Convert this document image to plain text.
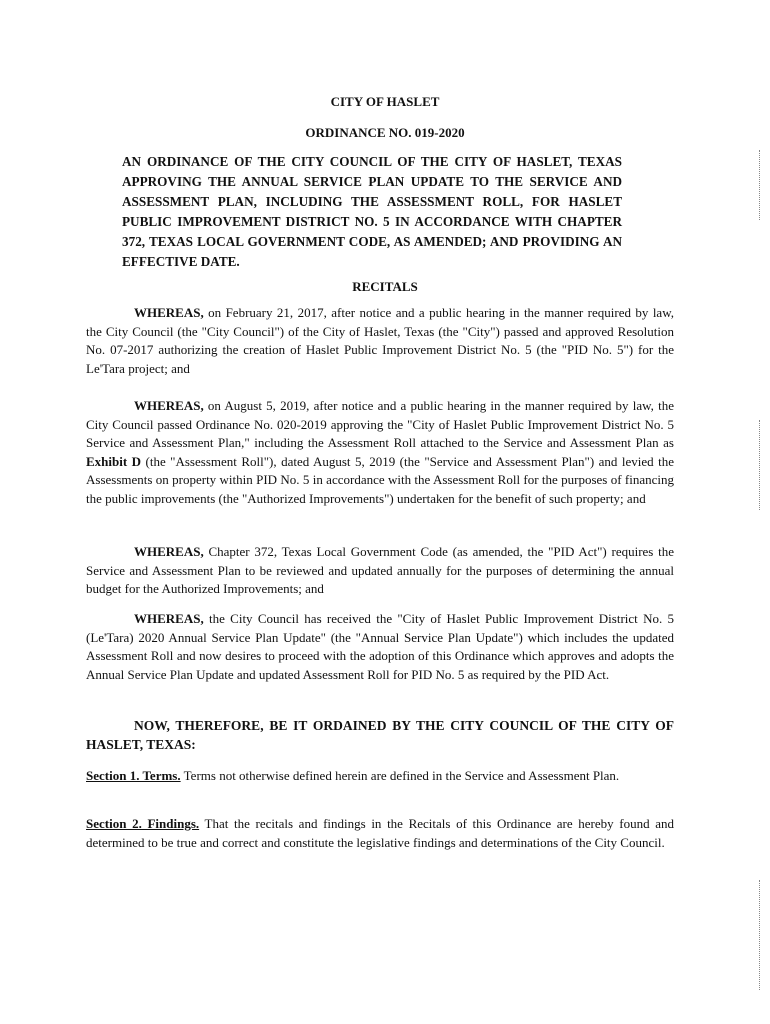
CITY OF HASLET
ORDINANCE NO. 019-2020
AN ORDINANCE OF THE CITY COUNCIL OF THE CITY OF HASLET, TEXAS APPROVING THE ANNUAL SERVICE PLAN UPDATE TO THE SERVICE AND ASSESSMENT PLAN, INCLUDING THE ASSESSMENT ROLL, FOR HASLET PUBLIC IMPROVEMENT DISTRICT NO. 5 IN ACCORDANCE WITH CHAPTER 372, TEXAS LOCAL GOVERNMENT CODE, AS AMENDED; AND PROVIDING AN EFFECTIVE DATE.
RECITALS
WHEREAS, on February 21, 2017, after notice and a public hearing in the manner required by law, the City Council (the "City Council") of the City of Haslet, Texas (the "City") passed and approved Resolution No. 07-2017 authorizing the creation of Haslet Public Improvement District No. 5 (the "PID No. 5") for the Le'Tara project; and
WHEREAS, on August 5, 2019, after notice and a public hearing in the manner required by law, the City Council passed Ordinance No. 020-2019 approving the "City of Haslet Public Improvement District No. 5 Service and Assessment Plan," including the Assessment Roll attached to the Service and Assessment Plan as Exhibit D (the "Assessment Roll"), dated August 5, 2019 (the "Service and Assessment Plan") and levied the Assessments on property within PID No. 5 in accordance with the Assessment Roll for the purposes of financing the public improvements (the "Authorized Improvements") undertaken for the benefit of such property; and
WHEREAS, Chapter 372, Texas Local Government Code (as amended, the "PID Act") requires the Service and Assessment Plan to be reviewed and updated annually for the purposes of determining the annual budget for the Authorized Improvements; and
WHEREAS, the City Council has received the "City of Haslet Public Improvement District No. 5 (Le'Tara) 2020 Annual Service Plan Update" (the "Annual Service Plan Update") which includes the updated Assessment Roll and now desires to proceed with the adoption of this Ordinance which approves and adopts the Annual Service Plan Update and updated Assessment Roll for PID No. 5 as required by the PID Act.
NOW, THEREFORE, BE IT ORDAINED BY THE CITY COUNCIL OF THE CITY OF HASLET, TEXAS:
Section 1. Terms. Terms not otherwise defined herein are defined in the Service and Assessment Plan.
Section 2. Findings. That the recitals and findings in the Recitals of this Ordinance are hereby found and determined to be true and correct and constitute the legislative findings and determinations of the City Council.
